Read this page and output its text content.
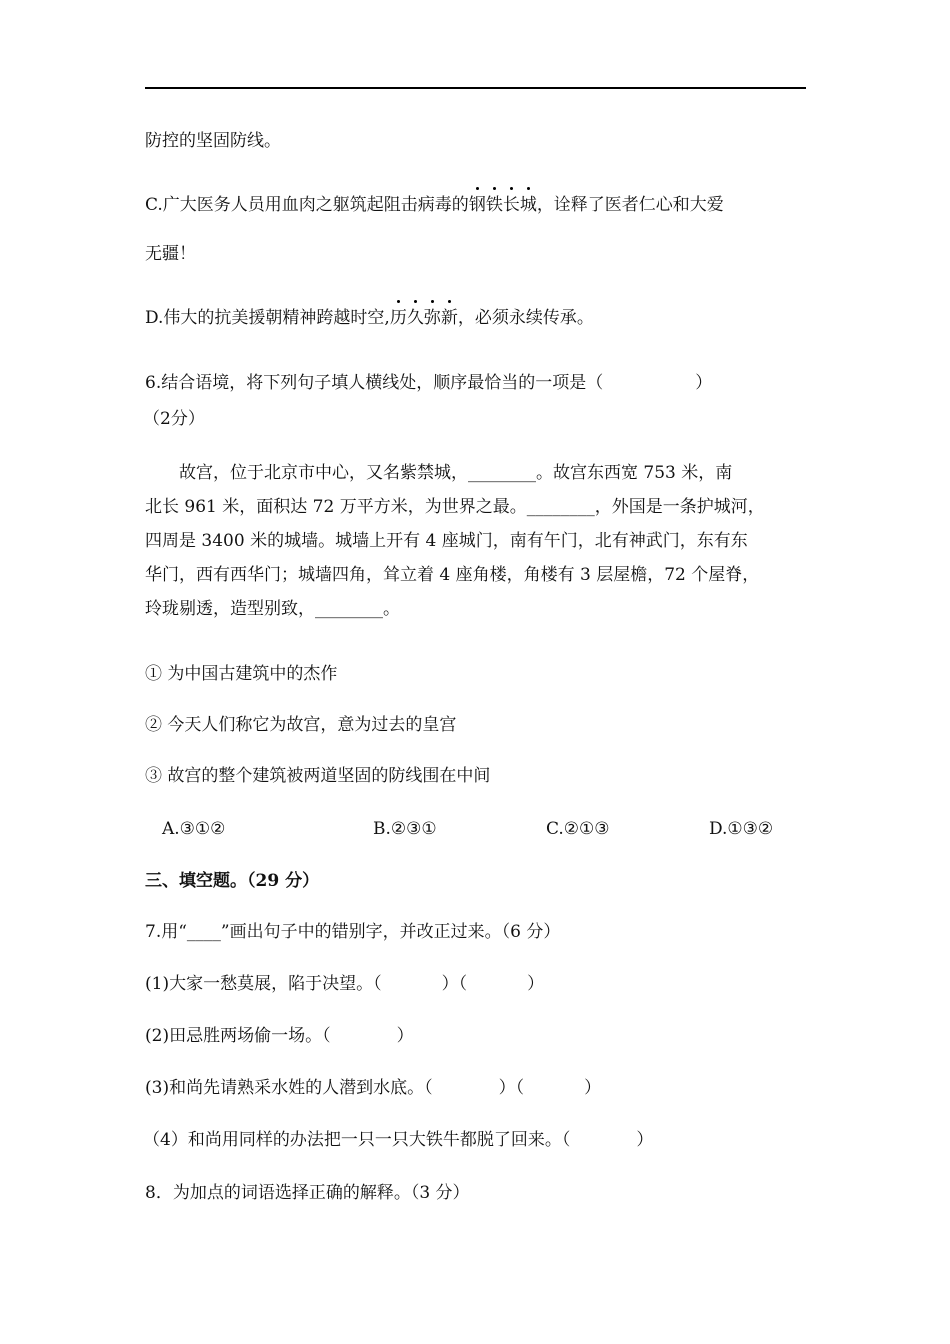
防控的坚固防线。
C.广大医务人员用血肉之躯筑起阻击病毒的钢铁长城，诠释了医者仁心和大爱
无疆！
D.伟大的抗美援朝精神跨越时空,历久弥新，必须永续传承。
6.结合语境，将下列句子填人横线处，顺序最恰当的一项是（	）
（2分）
故宫，位于北京市中心，又名紫禁城，________。故宫东西宽 753 米，南
北长 961 米，面积达 72 万平方米，为世界之最。________，外国是一条护城河，
四周是 3400 米的城墙。城墙上开有 4 座城门，南有午门，北有神武门，东有东
华门，西有西华门；城墙四角，耸立着 4 座角楼，角楼有 3 层屋檐，72 个屋脊，
玲珑剔透，造型别致，________。
① 为中国古建筑中的杰作
② 今天人们称它为故宫，意为过去的皇宫
③ 故宫的整个建筑被两道坚固的防线围在中间
A.③①②	B.②③①	C.②①③	D.①③②
三、填空题。（29 分）
7.用“____”画出句子中的错别字，并改正过来。（6 分）
(1)大家一愁莫展，陷于决望。（	）（	）
(2)田忌胜两场偷一场。（	）
(3)和尚先请熟采水姓的人潜到水底。（	）（	）
（4）和尚用同样的办法把一只一只大铁牛都脱了回来。（	）
8．为加点的词语选择正确的解释。（3 分）
